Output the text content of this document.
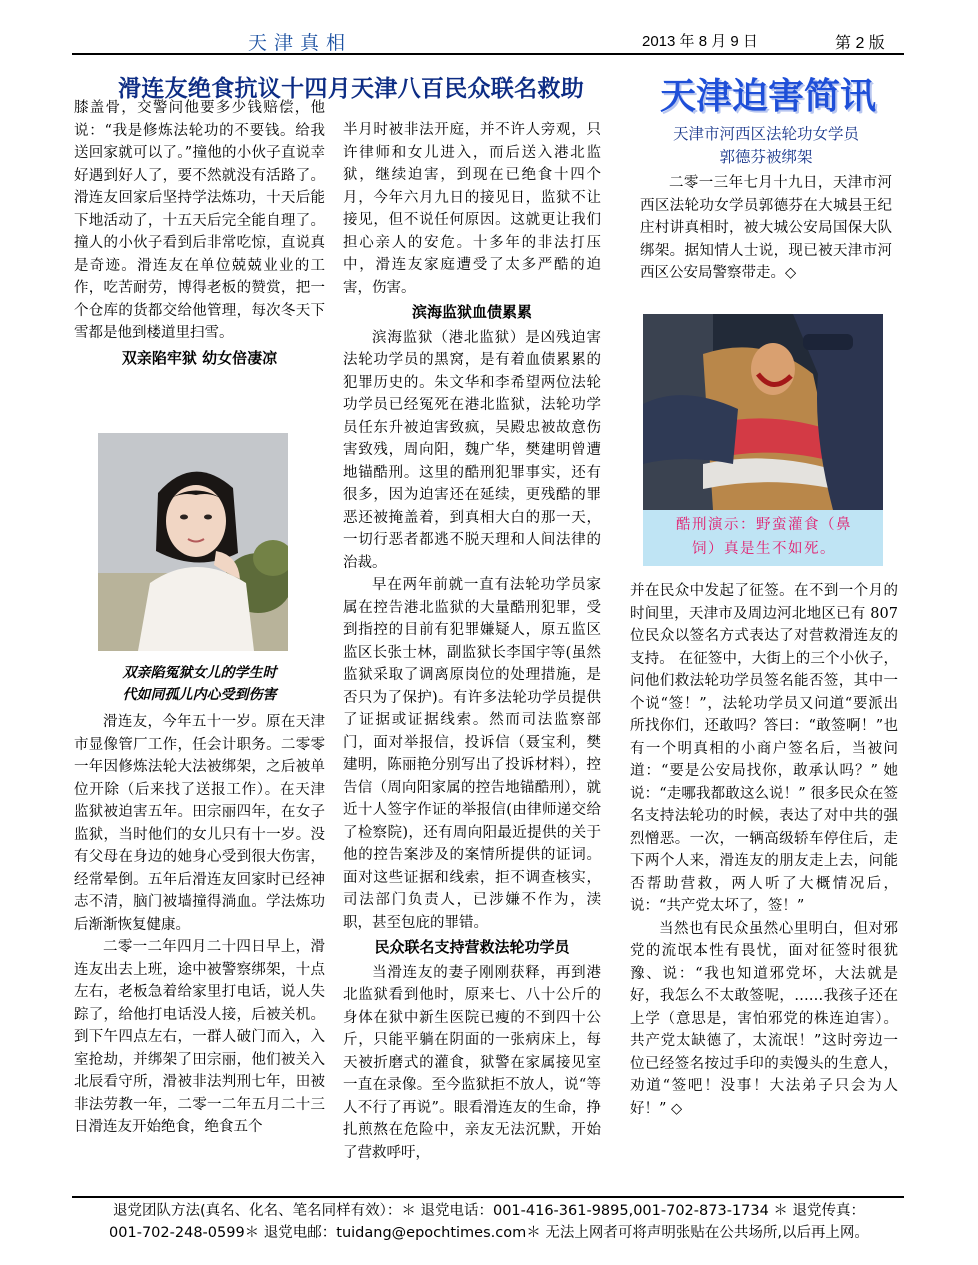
天津真相	2013 年 8 月 9 日	第 2 版
滑连友绝食抗议十四月天津八百民众联名救助	天津迫害简讯

膝盖骨，交警问他要多少钱赔偿，他说：“我是修炼法轮功的不要钱。给我送回家就可以了。”撞他的小伙子直说幸好遇到好人了，要不然就没有活路了。滑连友回家后坚持学法炼功，十天后能下地活动了，十五天后完全能自理了。撞人的小伙子看到后非常吃惊，直说真是奇迹。滑连友在单位兢兢业业的工作，吃苦耐劳，博得老板的赞赏，把一个仓库的货都交给他管理，每次冬天下雪都是他到楼道里扫雪。

双亲陷牢狱 幼女倍凄凉
双亲陷冤狱女儿的学生时
代如同孤儿内心受到伤害

滑连友，今年五十一岁。原在天津市显像管厂工作，任会计职务。二零零一年因修炼法轮大法被绑架，之后被单位开除（后来找了送报工作）。在天津监狱被迫害五年。田宗丽四年，在女子监狱，当时他们的女儿只有十一岁。没有父母在身边的她身心受到很大伤害，经常晕倒。五年后滑连友回家时已经神志不清，脑门被墙撞得淌血。学法炼功后渐渐恢复健康。

二零一二年四月二十四日早上，滑连友出去上班，途中被警察绑架，十点左右，老板急着给家里打电话，说人失踪了，给他打电话没人接，后被关机。到下午四点左右，一群人破门而入，入室抢劫，并绑架了田宗丽，他们被关入北辰看守所，滑被非法判刑七年，田被非法劳教一年，二零一二年五月二十三日滑连友开始绝食，绝食五个

半月时被非法开庭，并不许人旁观，只许律师和女儿进入，而后送入港北监狱，继续迫害，到现在已绝食十四个月，今年六月九日的接见日，监狱不让接见，但不说任何原因。这就更让我们担心亲人的安危。十多年的非法打压中，滑连友家庭遭受了太多严酷的迫害，伤害。

滨海监狱血债累累

滨海监狱（港北监狱）是凶残迫害法轮功学员的黑窝，是有着血债累累的犯罪历史的。朱文华和李希望两位法轮功学员已经冤死在港北监狱，法轮功学员任东升被迫害致疯，吴殿忠被故意伤害致残，周向阳，魏广华，樊建明曾遭地锚酷刑。这里的酷刑犯罪事实，还有很多，因为迫害还在延续，更残酷的罪恶还被掩盖着，到真相大白的那一天，一切行恶者都逃不脱天理和人间法律的治裁。

早在两年前就一直有法轮功学员家属在控告港北监狱的大量酷刑犯罪，受到指控的目前有犯罪嫌疑人，原五监区监区长张士林，副监狱长李国宇等(虽然监狱采取了调离原岗位的处理措施，是否只为了保护)。有许多法轮功学员提供了证据或证据线索。然而司法监察部门，面对举报信，投诉信（聂宝利，樊建明，陈丽艳分别写出了投诉材料），控告信（周向阳家属的控告地锚酷刑），就近十人签字作证的举报信(由律师递交给了检察院)，还有周向阳最近提供的关于他的控告案涉及的案情所提供的证词。面对这些证据和线索，拒不调查核实，司法部门负责人，已涉嫌不作为，渎职，甚至包庇的罪错。

民众联名支持营救法轮功学员

当滑连友的妻子刚刚获释，再到港北监狱看到他时，原来七、八十公斤的身体在狱中新生医院已瘦的不到四十公斤，只能平躺在阴面的一张病床上，每天被折磨式的灌食，狱警在家属接见室一直在录像。至今监狱拒不放人，说“等人不行了再说”。眼看滑连友的生命，挣扎煎熬在危险中，亲友无法沉默，开始了营救呼吁，

天津市河西区法轮功女学员
郭德芬被绑架

二零一三年七月十九日，天津市河西区法轮功女学员郭德芬在大城县王纪庄村讲真相时，被大城公安局国保大队绑架。据知情人士说，现已被天津市河西区公安局警察带走。◇

酷刑演示：野蛮灌食（鼻
饲）真是生不如死。

并在民众中发起了征签。在不到一个月的时间里，天津市及周边河北地区已有 807 位民众以签名方式表达了对营救滑连友的支持。 在征签中，大街上的三个小伙子，问他们救法轮功学员签名能否签，其中一个说“签！”，法轮功学员又问道“要派出所找你们，还敢吗？答曰：“敢签啊！”也有一个明真相的小商户签名后，当被问道：“要是公安局找你，敢承认吗？” 她说：“走哪我都敢这么说！” 很多民众在签名支持法轮功的时候，表达了对中共的强烈憎恶。一次，一辆高级轿车停住后，走下两个人来，滑连友的朋友走上去，问能否帮助营救，两人听了大概情况后，说：“共产党太坏了，签！”

当然也有民众虽然心里明白，但对邪党的流氓本性有畏忧，面对征签时很犹豫、说：“我也知道邪党坏，大法就是好，我怎么不太敢签呢，……我孩子还在上学（意思是，害怕邪党的株连迫害）。共产党太缺德了，太流氓！”这时旁边一位已经签名按过手印的卖馒头的生意人，劝道“签吧！没事！大法弟子只会为人好！” ◇

退党团队方法(真名、化名、笔名同样有效）：＊ 退党电话：001-416-361-9895,001-702-873-1734 ＊ 退党传真：
001-702-248-0599＊ 退党电邮：tuidang@epochtimes.com＊ 无法上网者可将声明张贴在公共场所,以后再上网。
